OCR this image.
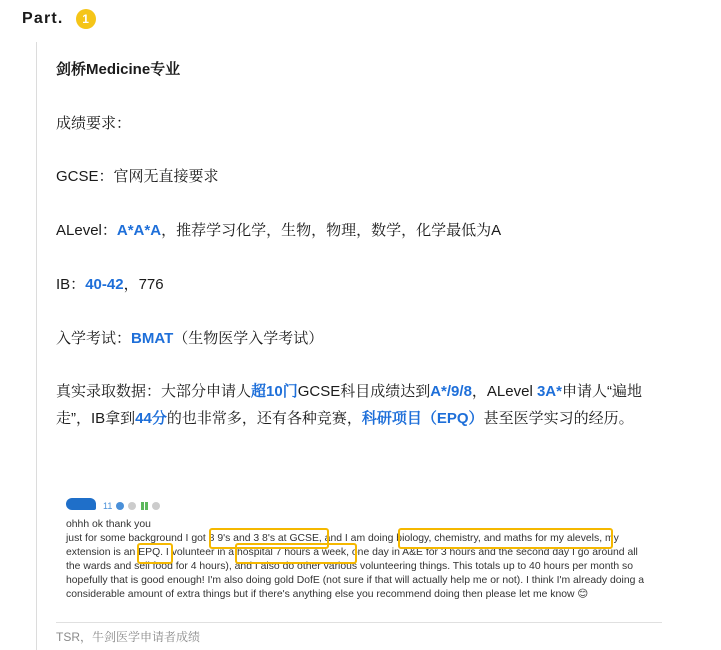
Part.	1
剑桥Medicine专业
成绩要求：
GCSE：官网无直接要求
ALevel：A*A*A，推荐学习化学，生物，物理，数学，化学最低为A
IB：40-42，776
入学考试：BMAT（生物医学入学考试）
真实录取数据：大部分申请人超10门GCSE科目成绩达到A*/9/8，ALevel 3A*申请人“遍地走”，IB拿到44分的也非常多，还有各种竞赛，科研项目（EPQ）甚至医学实习的经历。
11
ohhh ok thank you
just for some background I got 8 9's and 3 8's at GCSE, and I am doing biology, chemistry, and maths for my alevels, my
extension is an EPQ. I volunteer in a hospital 7 hours a week, one day in A&E for 3 hours and the second day I go around all
the wards and sell food for 4 hours), and I also do other various volunteering things. This totals up to 40 hours per month so
hopefully that is good enough! I'm also doing gold DofE (not sure if that will actually help me or not). I think I'm already doing a
considerable amount of extra things but if there's anything else you recommend doing then please let me know 😊
TSR，牛剑医学申请者成绩
